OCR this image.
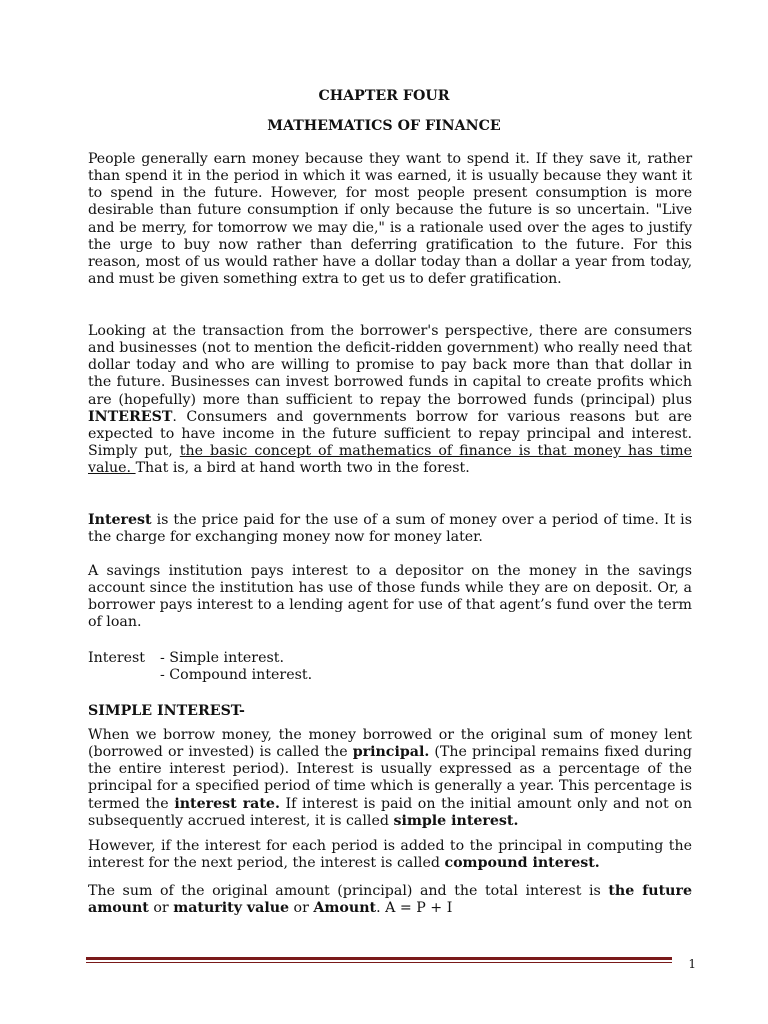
CHAPTER FOUR
MATHEMATICS OF FINANCE
People generally earn money because they want to spend it. If they save it, rather than spend it in the period in which it was earned, it is usually because they want it to spend in the future. However, for most people present consumption is more desirable than future consumption if only because the future is so uncertain. "Live and be merry, for tomorrow we may die," is a rationale used over the ages to justify the urge to buy now rather than deferring gratification to the future. For this reason, most of us would rather have a dollar today than a dollar a year from today, and must be given something extra to get us to defer gratification.
Looking at the transaction from the borrower's perspective, there are consumers and businesses (not to mention the deficit-ridden government) who really need that dollar today and who are willing to promise to pay back more than that dollar in the future. Businesses can invest borrowed funds in capital to create profits which are (hopefully) more than sufficient to repay the borrowed funds (principal) plus INTEREST. Consumers and governments borrow for various reasons but are expected to have income in the future sufficient to repay principal and interest. Simply put, the basic concept of mathematics of finance is that money has time value. That is, a bird at hand worth two in the forest.
Interest is the price paid for the use of a sum of money over a period of time. It is the charge for exchanging money now for money later.
A savings institution pays interest to a depositor on the money in the savings account since the institution has use of those funds while they are on deposit. Or, a borrower pays interest to a lending agent for use of that agent’s fund over the term of loan.
Interest - Simple interest.
- Compound interest.
SIMPLE INTEREST-
When we borrow money, the money borrowed or the original sum of money lent (borrowed or invested) is called the principal. (The principal remains fixed during the entire interest period). Interest is usually expressed as a percentage of the principal for a specified period of time which is generally a year. This percentage is termed the interest rate. If interest is paid on the initial amount only and not on subsequently accrued interest, it is called simple interest.
However, if the interest for each period is added to the principal in computing the interest for the next period, the interest is called compound interest.
The sum of the original amount (principal) and the total interest is the future amount or maturity value or Amount. A = P + I
1
